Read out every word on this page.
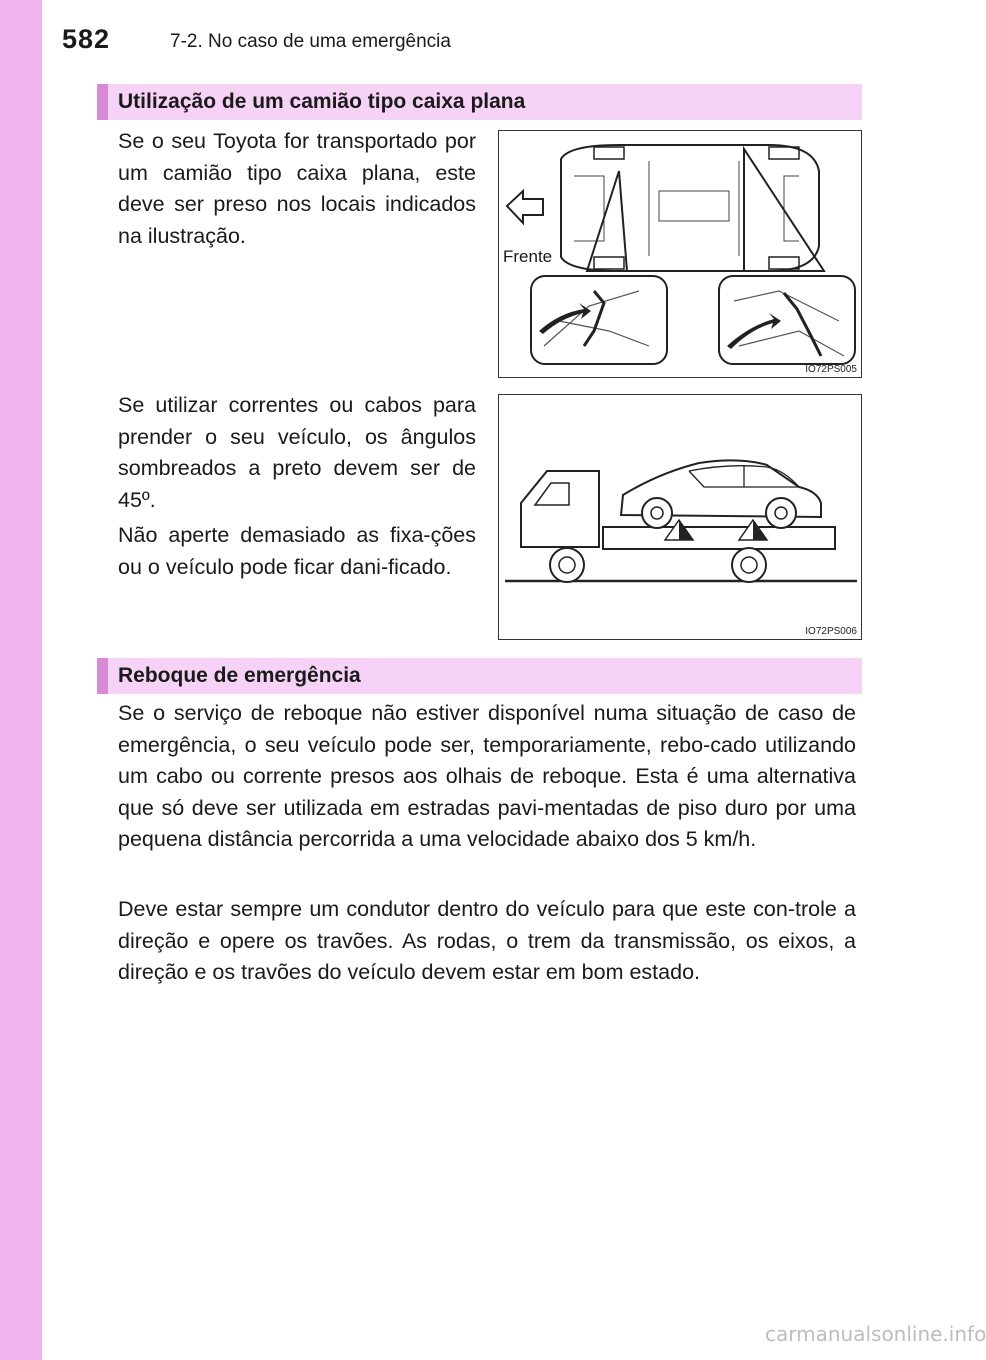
582	7-2. No caso de uma emergência
Utilização de um camião tipo caixa plana

Se o seu Toyota for transportado por um camião tipo caixa plana, este deve ser preso nos locais indicados na ilustração.

Frente
IO72PS005

Se utilizar correntes ou cabos para prender o seu veículo, os ângulos sombreados a preto devem ser de 45º.

Não aperte demasiado as fixa-ções ou o veículo pode ficar dani-ficado.

IO72PS006
Reboque de emergência

Se o serviço de reboque não estiver disponível numa situação de caso de emergência, o seu veículo pode ser, temporariamente, rebo-cado utilizando um cabo ou corrente presos aos olhais de reboque. Esta é uma alternativa que só deve ser utilizada em estradas pavi-mentadas de piso duro por uma pequena distância percorrida a uma velocidade abaixo dos 5 km/h.

Deve estar sempre um condutor dentro do veículo para que este con-trole a direção e opere os travões. As rodas, o trem da transmissão, os eixos, a direção e os travões do veículo devem estar em bom estado.

carmanualsonline.info
